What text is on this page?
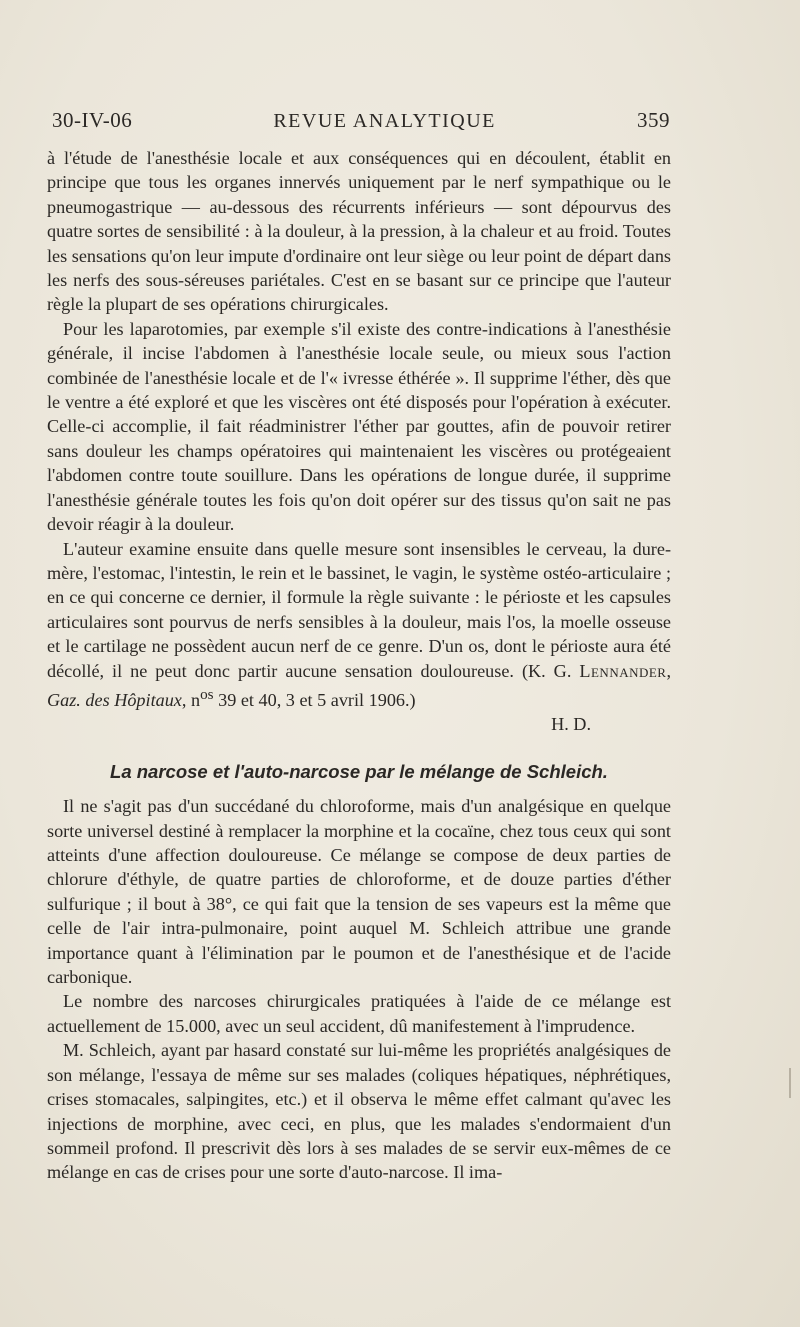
30-IV-06	REVUE ANALYTIQUE	359

à l'étude de l'anesthésie locale et aux conséquences qui en découlent, établit en principe que tous les organes innervés uniquement par le nerf sympathique ou le pneumogastrique — au-dessous des récurrents inférieurs — sont dépourvus des quatre sortes de sensibilité : à la douleur, à la pression, à la chaleur et au froid. Toutes les sensations qu'on leur impute d'ordinaire ont leur siège ou leur point de départ dans les nerfs des sous-séreuses pariétales. C'est en se basant sur ce principe que l'auteur règle la plupart de ses opérations chirurgicales.

Pour les laparotomies, par exemple s'il existe des contre-indications à l'anesthésie générale, il incise l'abdomen à l'anesthésie locale seule, ou mieux sous l'action combinée de l'anesthésie locale et de l'« ivresse éthérée ». Il supprime l'éther, dès que le ventre a été exploré et que les viscères ont été disposés pour l'opération à exécuter. Celle-ci accomplie, il fait réadministrer l'éther par gouttes, afin de pouvoir retirer sans douleur les champs opératoires qui maintenaient les viscères ou protégeaient l'abdomen contre toute souillure. Dans les opérations de longue durée, il supprime l'anesthésie générale toutes les fois qu'on doit opérer sur des tissus qu'on sait ne pas devoir réagir à la douleur.

L'auteur examine ensuite dans quelle mesure sont insensibles le cerveau, la dure-mère, l'estomac, l'intestin, le rein et le bassinet, le vagin, le système ostéo-articulaire ; en ce qui concerne ce dernier, il formule la règle suivante : le périoste et les capsules articulaires sont pourvus de nerfs sensibles à la douleur, mais l'os, la moelle osseuse et le cartilage ne possèdent aucun nerf de ce genre. D'un os, dont le périoste aura été décollé, il ne peut donc partir aucune sensation douloureuse. (K. G. Lennander, Gaz. des Hôpitaux, $n^{os}$ 39 et 40, 3 et 5 avril 1906.)

H. D.

La narcose et l'auto-narcose par le mélange de Schleich.

Il ne s'agit pas d'un succédané du chloroforme, mais d'un analgésique en quelque sorte universel destiné à remplacer la morphine et la cocaïne, chez tous ceux qui sont atteints d'une affection douloureuse. Ce mélange se compose de deux parties de chlorure d'éthyle, de quatre parties de chloroforme, et de douze parties d'éther sulfurique ; il bout à 38°, ce qui fait que la tension de ses vapeurs est la même que celle de l'air intra-pulmonaire, point auquel M. Schleich attribue une grande importance quant à l'élimination par le poumon et de l'anesthésique et de l'acide carbonique.

Le nombre des narcoses chirurgicales pratiquées à l'aide de ce mélange est actuellement de 15.000, avec un seul accident, dû manifestement à l'imprudence.

M. Schleich, ayant par hasard constaté sur lui-même les propriétés analgésiques de son mélange, l'essaya de même sur ses malades (coliques hépatiques, néphrétiques, crises stomacales, salpingites, etc.) et il observa le même effet calmant qu'avec les injections de morphine, avec ceci, en plus, que les malades s'endormaient d'un sommeil profond. Il prescrivit dès lors à ses malades de se servir eux-mêmes de ce mélange en cas de crises pour une sorte d'auto-narcose. Il ima-
